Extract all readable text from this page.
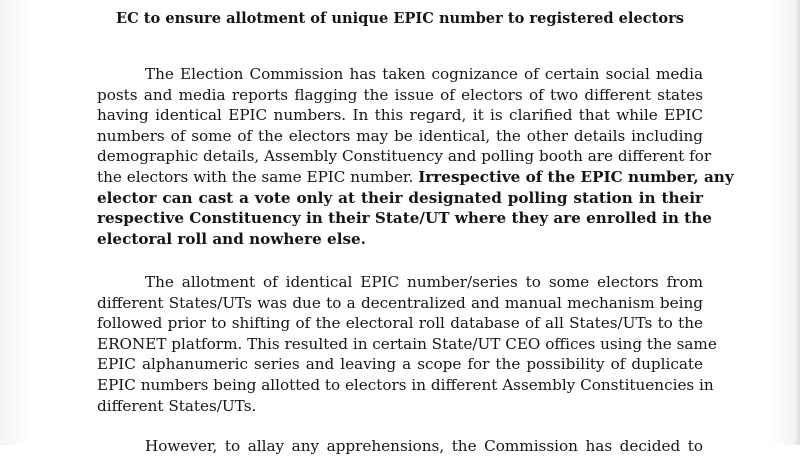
EC to ensure allotment of unique EPIC number to registered electors

The Election Commission has taken cognizance of certain social media
posts and media reports flagging the issue of electors of two different states
having identical EPIC numbers. In this regard, it is clarified that while EPIC
numbers of some of the electors may be identical, the other details including
demographic details, Assembly Constituency and polling booth are different for
the electors with the same EPIC number. Irrespective of the EPIC number, any
elector can cast a vote only at their designated polling station in their
respective Constituency in their State/UT where they are enrolled in the
electoral roll and nowhere else.

The allotment of identical EPIC number/series to some electors from
different States/UTs was due to a decentralized and manual mechanism being
followed prior to shifting of the electoral roll database of all States/UTs to the
ERONET platform. This resulted in certain State/UT CEO offices using the same
EPIC alphanumeric series and leaving a scope for the possibility of duplicate
EPIC numbers being allotted to electors in different Assembly Constituencies in
different States/UTs.

However, to allay any apprehensions, the Commission has decided to
